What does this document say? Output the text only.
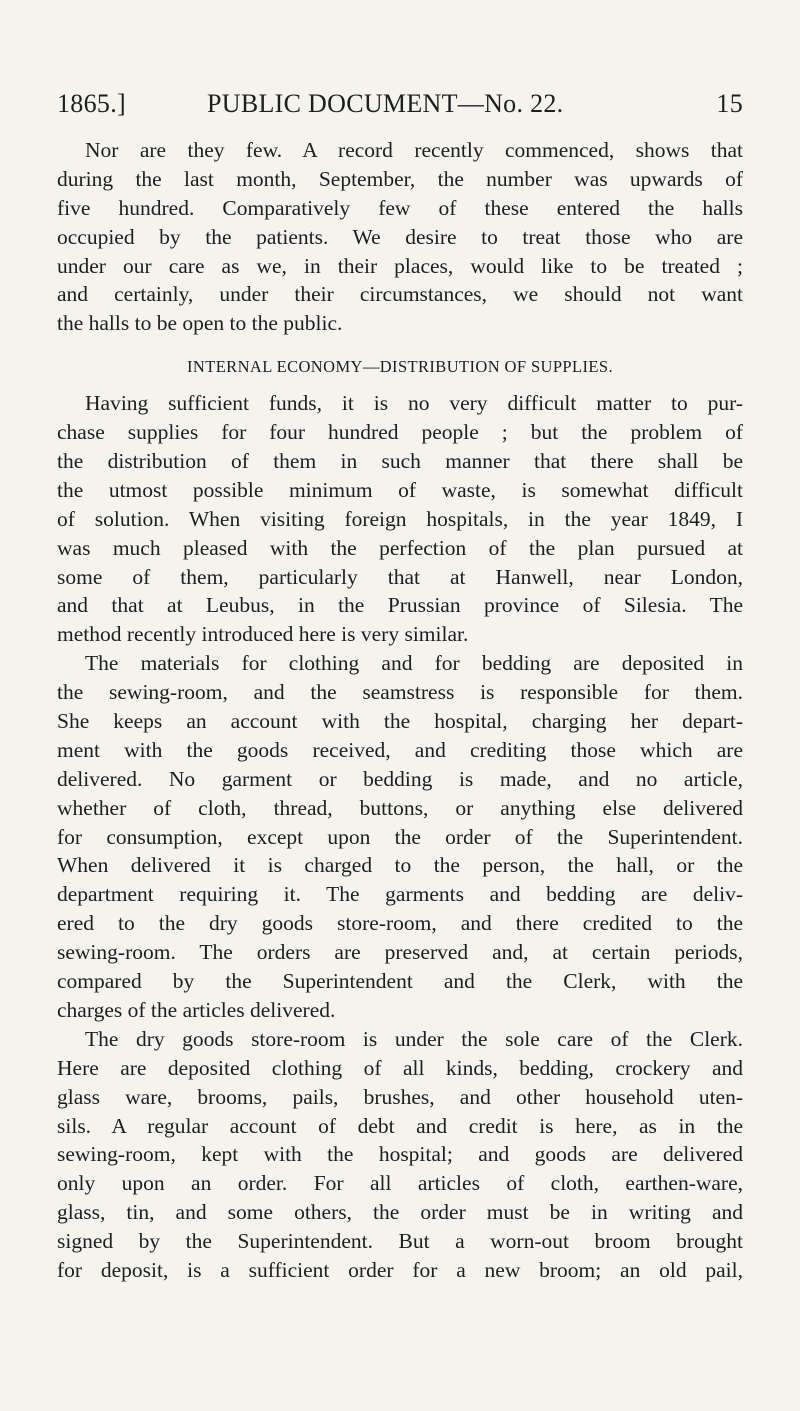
1865.]	PUBLIC DOCUMENT—No. 22.	15
Nor are they few. A record recently commenced, shows that
during the last month, September, the number was upwards of
five hundred. Comparatively few of these entered the halls
occupied by the patients. We desire to treat those who are
under our care as we, in their places, would like to be treated ;
and certainly, under their circumstances, we should not want
the halls to be open to the public.
INTERNAL ECONOMY—DISTRIBUTION OF SUPPLIES.
Having sufficient funds, it is no very difficult matter to pur-
chase supplies for four hundred people ; but the problem of
the distribution of them in such manner that there shall be
the utmost possible minimum of waste, is somewhat difficult
of solution. When visiting foreign hospitals, in the year 1849, I
was much pleased with the perfection of the plan pursued at
some of them, particularly that at Hanwell, near London,
and that at Leubus, in the Prussian province of Silesia. The
method recently introduced here is very similar.
The materials for clothing and for bedding are deposited in
the sewing-room, and the seamstress is responsible for them.
She keeps an account with the hospital, charging her depart-
ment with the goods received, and crediting those which are
delivered. No garment or bedding is made, and no article,
whether of cloth, thread, buttons, or anything else delivered
for consumption, except upon the order of the Superintendent.
When delivered it is charged to the person, the hall, or the
department requiring it. The garments and bedding are deliv-
ered to the dry goods store-room, and there credited to the
sewing-room. The orders are preserved and, at certain periods,
compared by the Superintendent and the Clerk, with the
charges of the articles delivered.
The dry goods store-room is under the sole care of the Clerk.
Here are deposited clothing of all kinds, bedding, crockery and
glass ware, brooms, pails, brushes, and other household uten-
sils. A regular account of debt and credit is here, as in the
sewing-room, kept with the hospital; and goods are delivered
only upon an order. For all articles of cloth, earthen-ware,
glass, tin, and some others, the order must be in writing and
signed by the Superintendent. But a worn-out broom brought
for deposit, is a sufficient order for a new broom; an old pail,
